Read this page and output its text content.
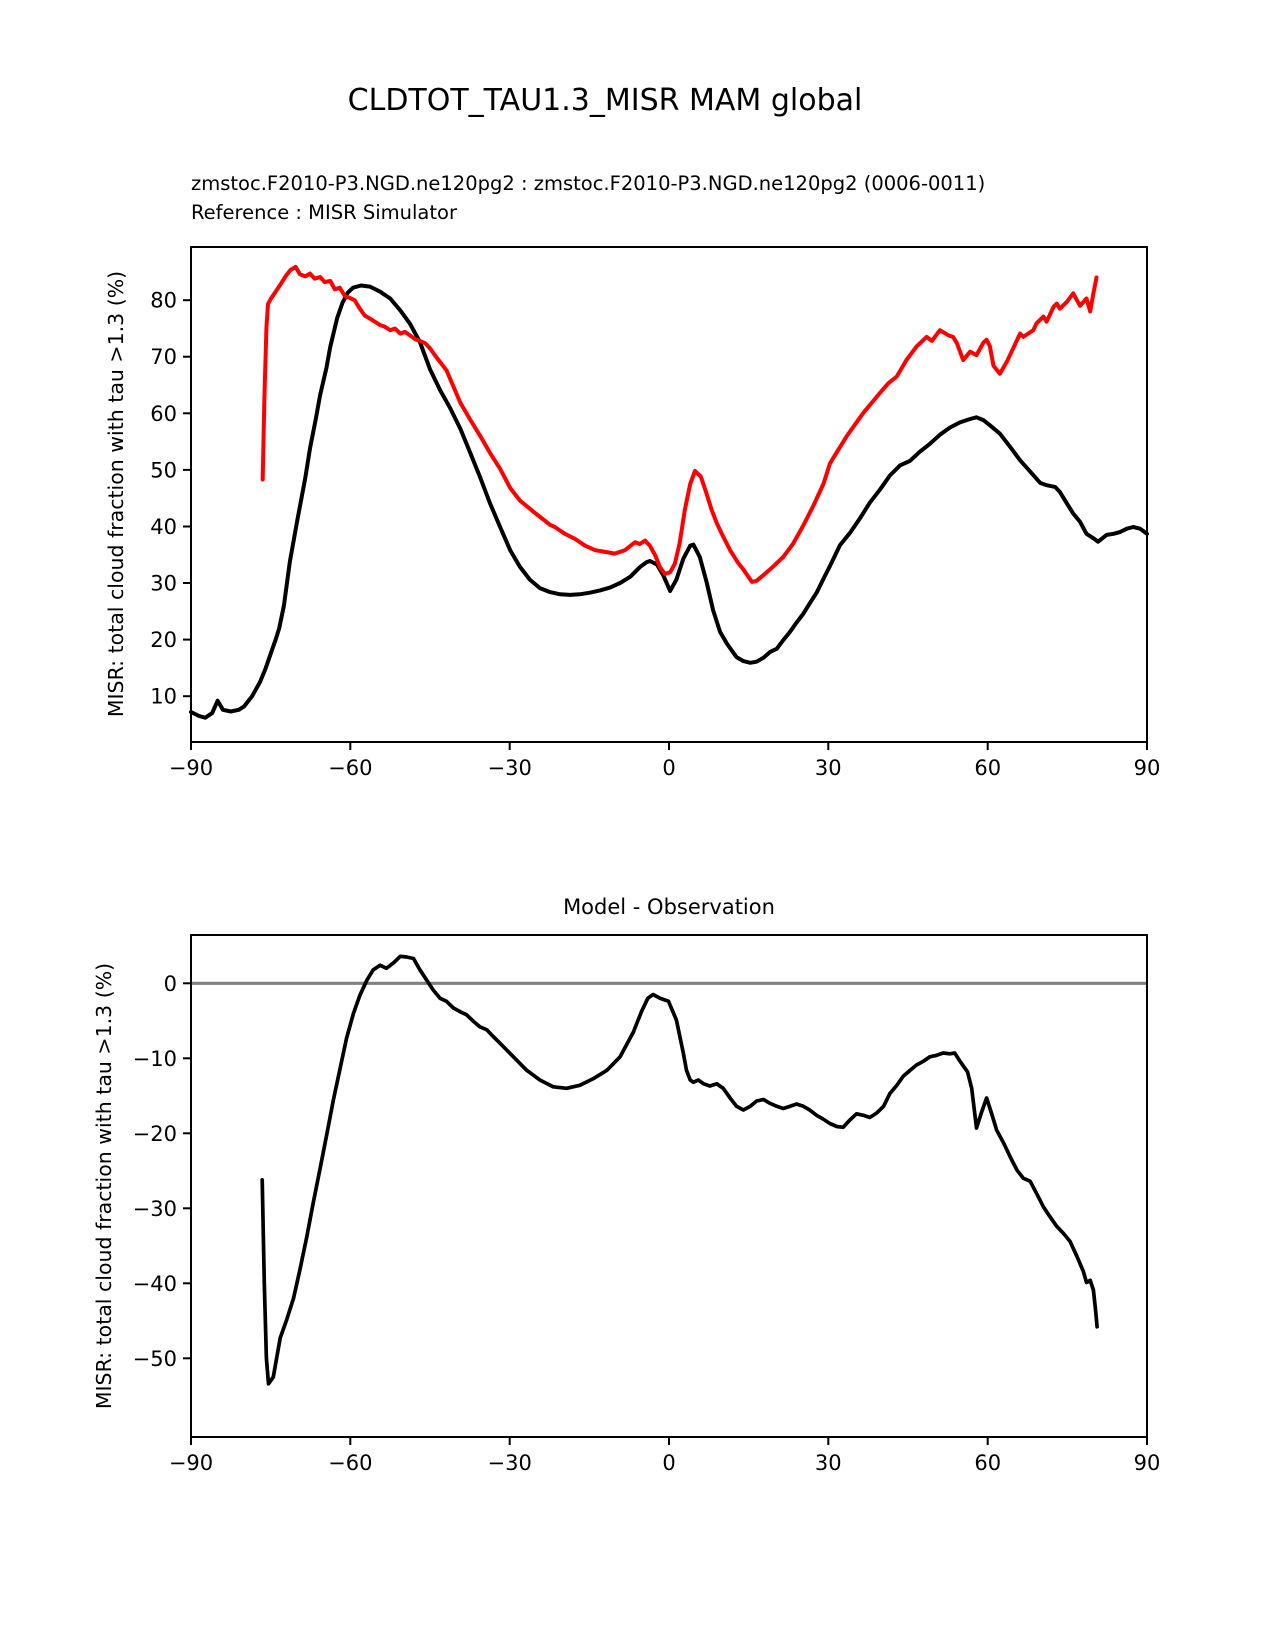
CLDTOT_TAU1.3_MISR MAM global
zmstoc.F2010-P3.NGD.ne120pg2 : zmstoc.F2010-P3.NGD.ne120pg2 (0006-0011)
Reference : MISR Simulator
MISR: total cloud fraction with tau >1.3 (%)
MISR: total cloud fraction with tau >1.3 (%)
Model - Observation
−90	−60	−30	0	30	60	90
10
20
30
40
50
60
70
80
−90	−60	−30	0	30	60	90
0
−10
−20
−30
−40
−50
